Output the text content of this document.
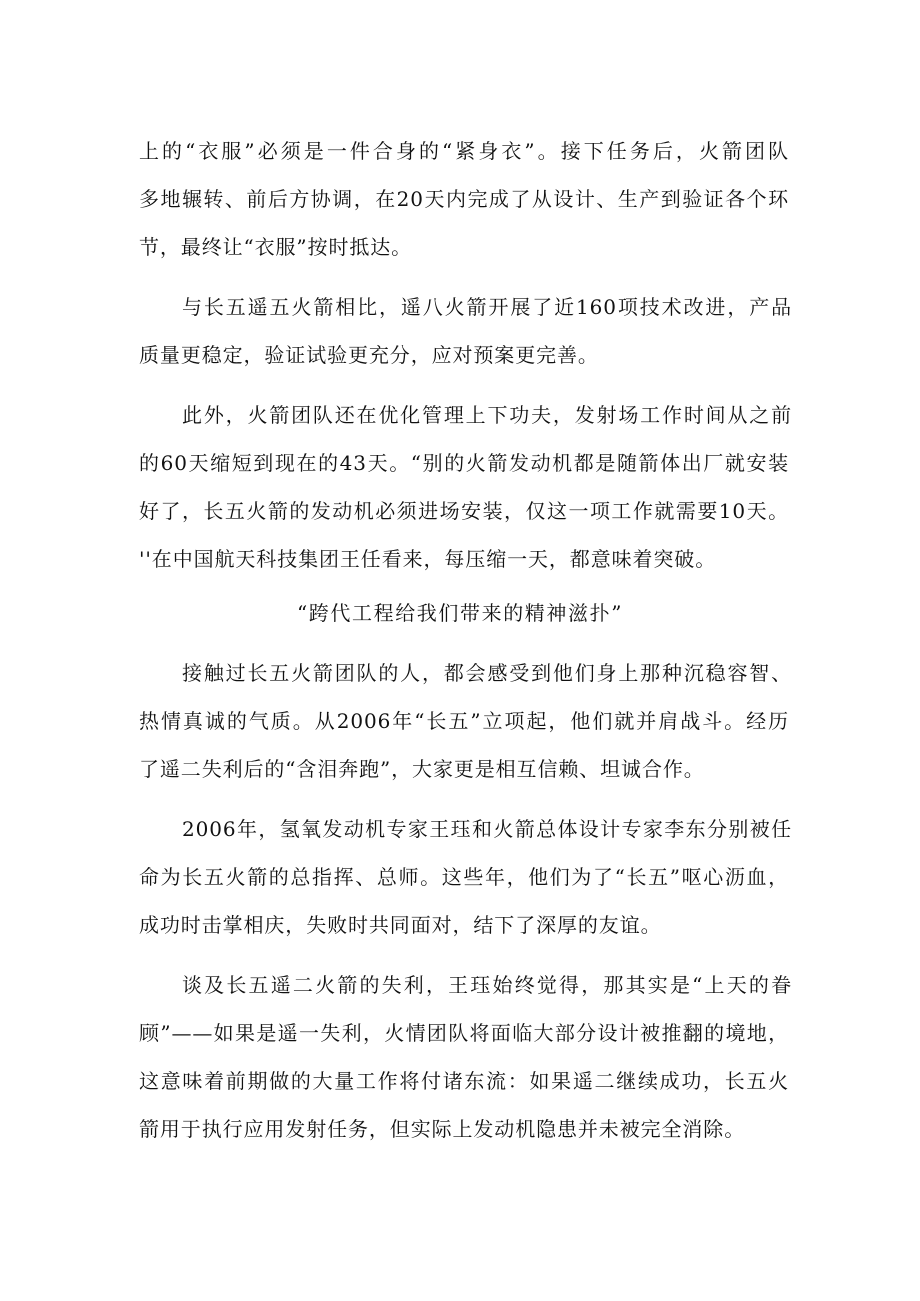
上的“衣服”必须是一件合身的“紧身衣”。接下任务后，火箭团队
多地辗转、前后方协调，在20天内完成了从设计、生产到验证各个环
节，最终让“衣服”按时抵达。
与长五遥五火箭相比，遥八火箭开展了近160项技术改进，产品
质量更稳定，验证试验更充分，应对预案更完善。
此外，火箭团队还在优化管理上下功夫，发射场工作时间从之前
的60天缩短到现在的43天。“别的火箭发动机都是随箭体出厂就安装
好了，长五火箭的发动机必须进场安装，仅这一项工作就需要10天。
''在中国航天科技集团王任看来，每压缩一天，都意味着突破。
“跨代工程给我们带来的精神滋扑”
接触过长五火箭团队的人，都会感受到他们身上那种沉稳容智、
热情真诚的气质。从2006年“长五”立项起，他们就并肩战斗。经历
了遥二失利后的“含泪奔跑”，大家更是相互信赖、坦诚合作。
2006年，氢氧发动机专家王珏和火箭总体设计专家李东分别被任
命为长五火箭的总指挥、总师。这些年，他们为了“长五”呕心沥血，
成功时击掌相庆，失败时共同面对，结下了深厚的友谊。
谈及长五遥二火箭的失利，王珏始终觉得，那其实是“上天的眷
顾”——如果是遥一失利，火情团队将面临大部分设计被推翻的境地，
这意味着前期做的大量工作将付诸东流：如果遥二继续成功，长五火
箭用于执行应用发射任务，但实际上发动机隐患并未被完全消除。
